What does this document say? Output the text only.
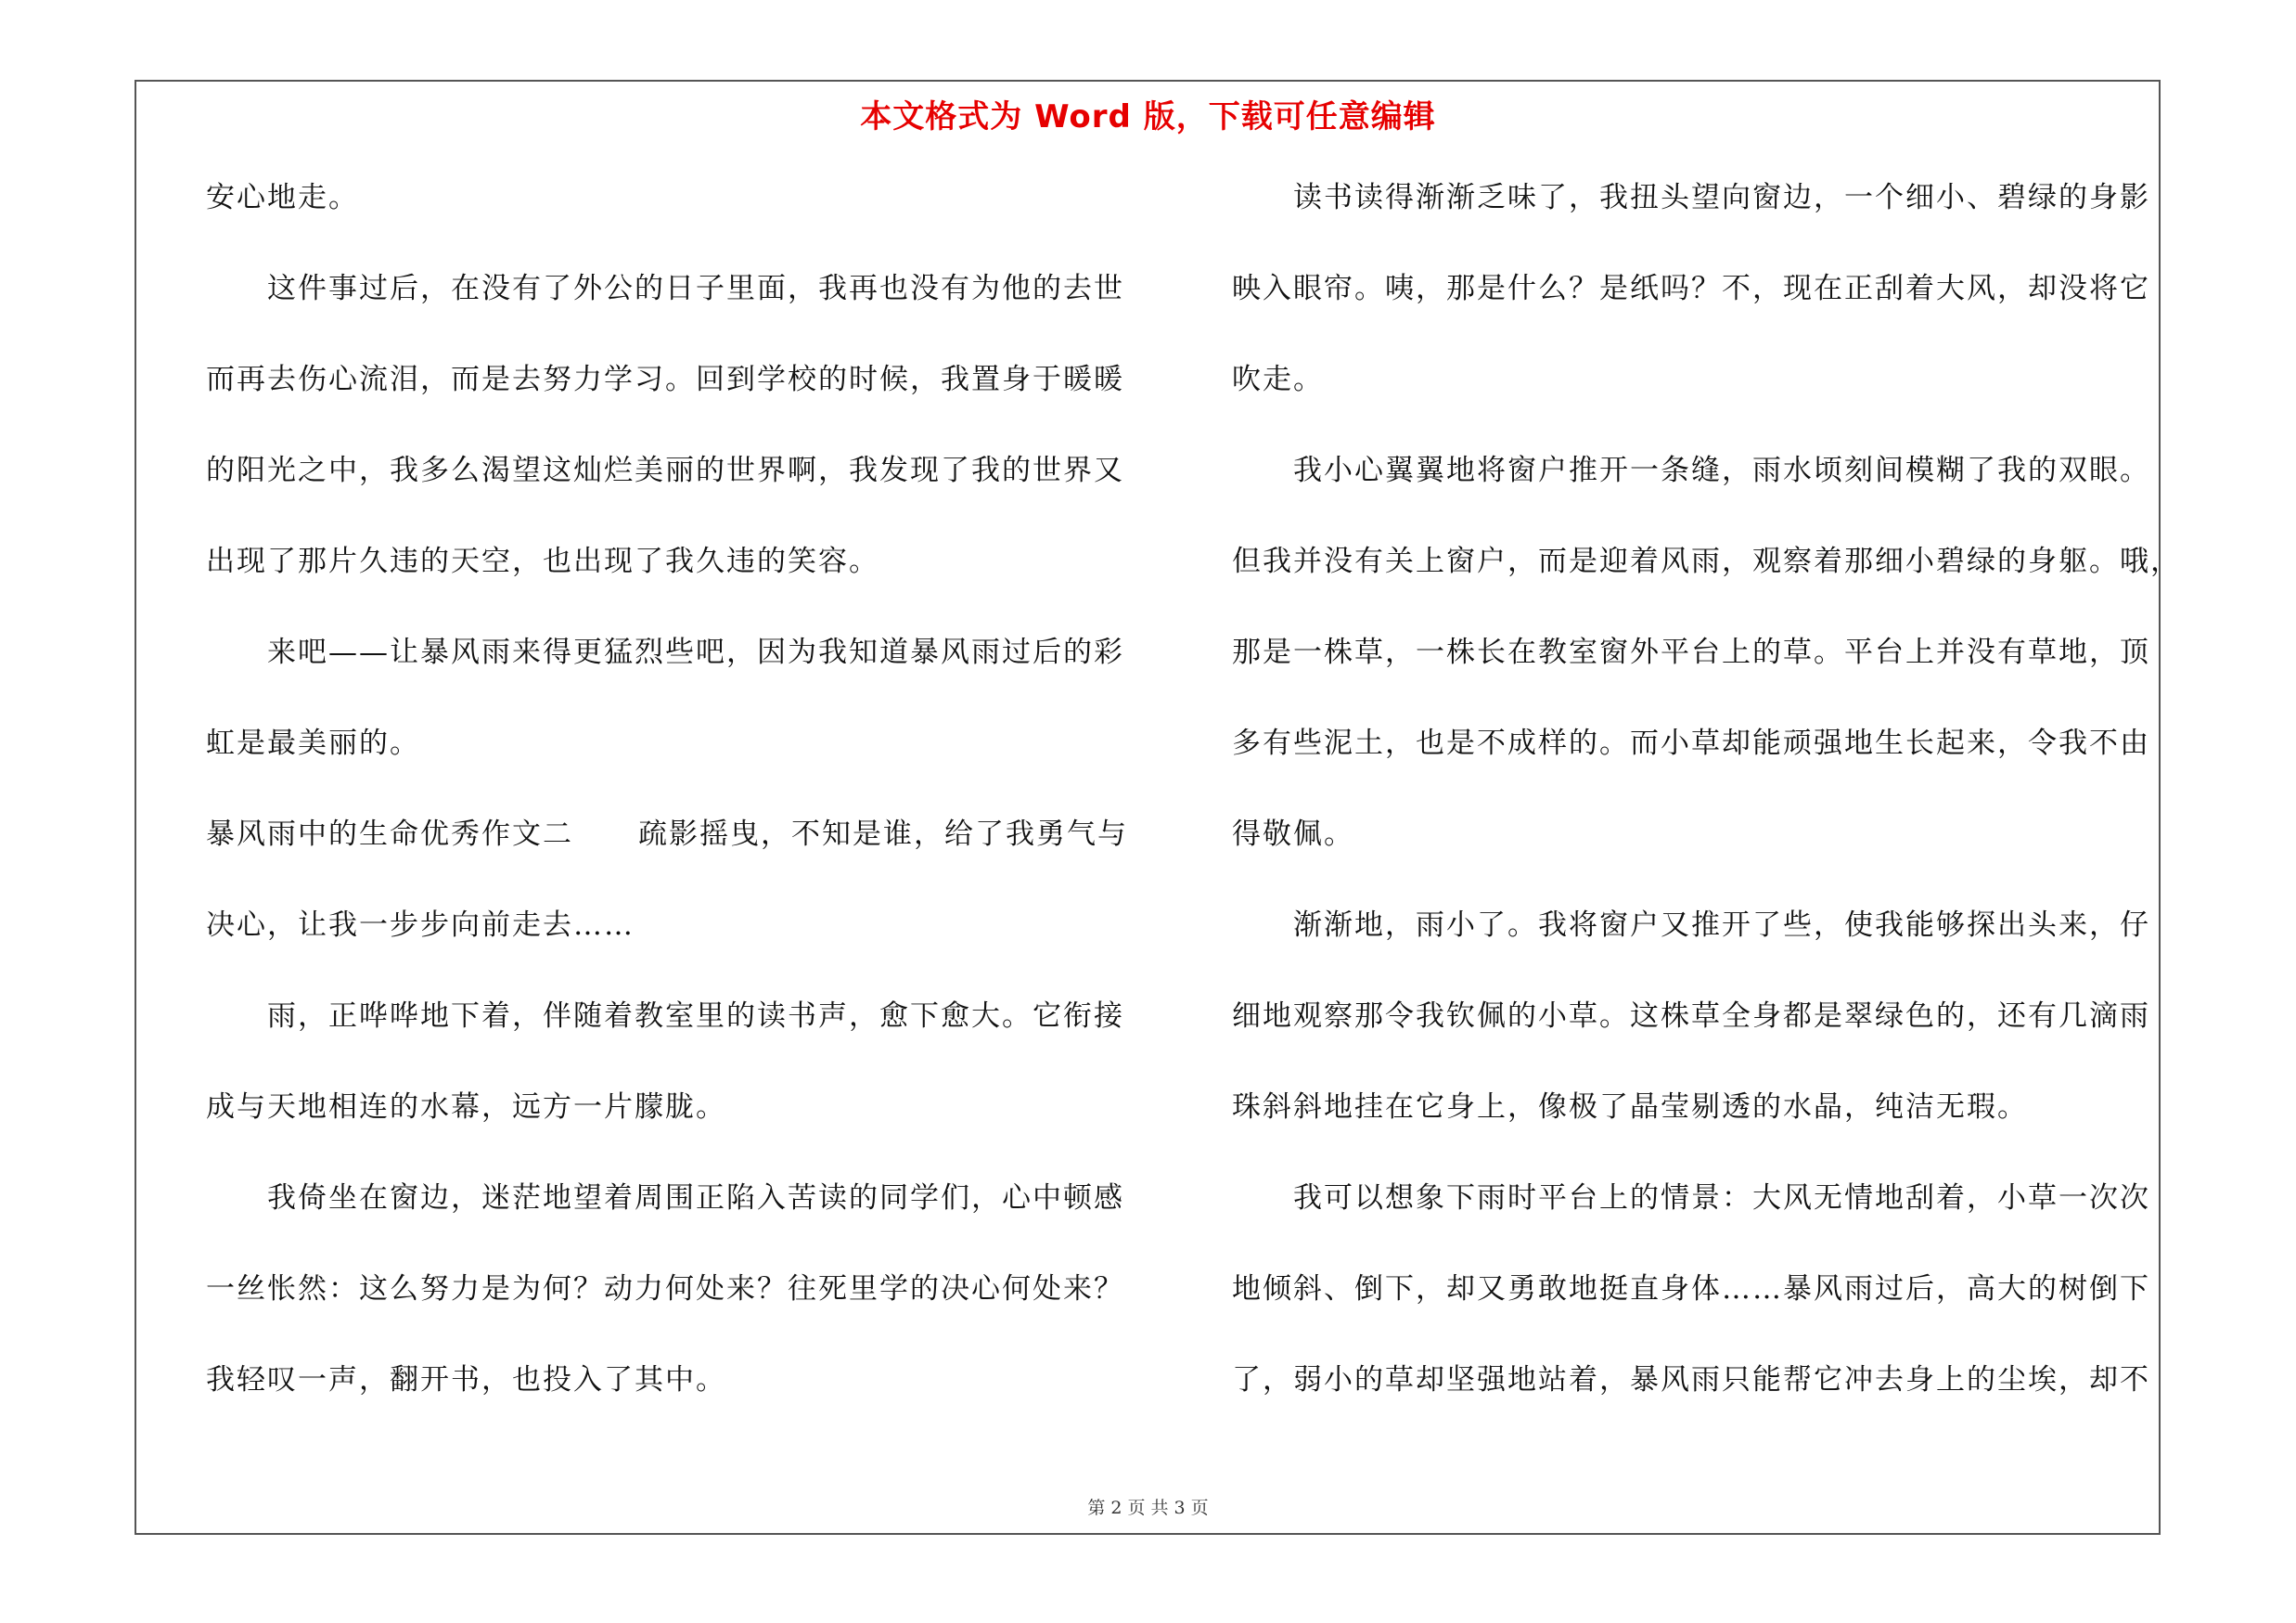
本文格式为 Word 版，下载可任意编辑
安心地走。
这件事过后，在没有了外公的日子里面，我再也没有为他的去世
而再去伤心流泪，而是去努力学习。回到学校的时候，我置身于暖暖
的阳光之中，我多么渴望这灿烂美丽的世界啊，我发现了我的世界又
出现了那片久违的天空，也出现了我久违的笑容。
来吧——让暴风雨来得更猛烈些吧，因为我知道暴风雨过后的彩
虹是最美丽的。
暴风雨中的生命优秀作文二 疏影摇曳，不知是谁，给了我勇气与
决心，让我一步步向前走去……
雨，正哗哗地下着，伴随着教室里的读书声，愈下愈大。它衔接
成与天地相连的水幕，远方一片朦胧。
我倚坐在窗边，迷茫地望着周围正陷入苦读的同学们，心中顿感
一丝怅然：这么努力是为何？动力何处来？往死里学的决心何处来？
我轻叹一声，翻开书，也投入了其中。
读书读得渐渐乏味了，我扭头望向窗边，一个细小、碧绿的身影
映入眼帘。咦，那是什么？是纸吗？不，现在正刮着大风，却没将它
吹走。
我小心翼翼地将窗户推开一条缝，雨水顷刻间模糊了我的双眼。
但我并没有关上窗户，而是迎着风雨，观察着那细小碧绿的身躯。哦，
那是一株草，一株长在教室窗外平台上的草。平台上并没有草地，顶
多有些泥土，也是不成样的。而小草却能顽强地生长起来，令我不由
得敬佩。
渐渐地，雨小了。我将窗户又推开了些，使我能够探出头来，仔
细地观察那令我钦佩的小草。这株草全身都是翠绿色的，还有几滴雨
珠斜斜地挂在它身上，像极了晶莹剔透的水晶，纯洁无瑕。
我可以想象下雨时平台上的情景：大风无情地刮着，小草一次次
地倾斜、倒下，却又勇敢地挺直身体……暴风雨过后，高大的树倒下
了，弱小的草却坚强地站着，暴风雨只能帮它冲去身上的尘埃，却不
第 2 页 共 3 页
